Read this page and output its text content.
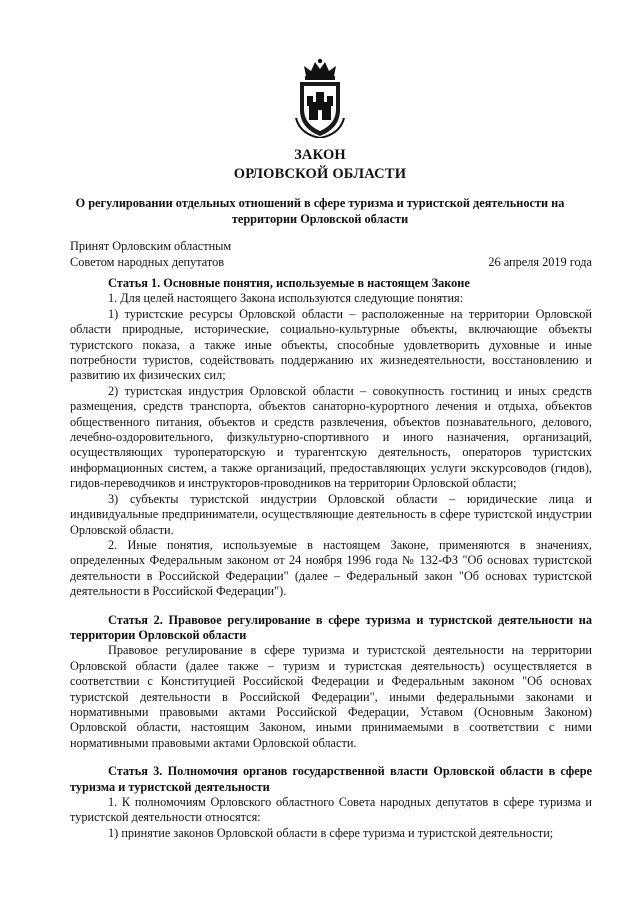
ЗАКОН
ОРЛОВСКОЙ ОБЛАСТИ
О регулировании отдельных отношений в сфере туризма и туристской деятельности на территории Орловской области
Принят Орловским областным
Советом народных депутатов	26 апреля 2019 года

Статья 1. Основные понятия, используемые в настоящем Законе

1. Для целей настоящего Закона используются следующие понятия:

1) туристские ресурсы Орловской области – расположенные на территории Орловской области природные, исторические, социально-культурные объекты, включающие объекты туристского показа, а также иные объекты, способные удовлетворить духовные и иные потребности туристов, содействовать поддержанию их жизнедеятельности, восстановлению и развитию их физических сил;

2) туристская индустрия Орловской области – совокупность гостиниц и иных средств размещения, средств транспорта, объектов санаторно-курортного лечения и отдыха, объектов общественного питания, объектов и средств развлечения, объектов познавательного, делового, лечебно-оздоровительного, физкультурно-спортивного и иного назначения, организаций, осуществляющих туроператорскую и турагентскую деятельность, операторов туристских информационных систем, а также организаций, предоставляющих услуги экскурсоводов (гидов), гидов-переводчиков и инструкторов-проводников на территории Орловской области;

3) субъекты туристской индустрии Орловской области – юридические лица и индивидуальные предприниматели, осуществляющие деятельность в сфере туристской индустрии Орловской области.

2. Иные понятия, используемые в настоящем Законе, применяются в значениях, определенных Федеральным законом от 24 ноября 1996 года № 132-ФЗ "Об основах туристской деятельности в Российской Федерации" (далее – Федеральный закон "Об основах туристской деятельности в Российской Федерации").

Статья 2. Правовое регулирование в сфере туризма и туристской деятельности на территории Орловской области

Правовое регулирование в сфере туризма и туристской деятельности на территории Орловской области (далее также – туризм и туристская деятельность) осуществляется в соответствии с Конституцией Российской Федерации и Федеральным законом "Об основах туристской деятельности в Российской Федерации", иными федеральными законами и нормативными правовыми актами Российской Федерации, Уставом (Основным Законом) Орловской области, настоящим Законом, иными принимаемыми в соответствии с ними нормативными правовыми актами Орловской области.

Статья 3. Полномочия органов государственной власти Орловской области в сфере туризма и туристской деятельности

1. К полномочиям Орловского областного Совета народных депутатов в сфере туризма и туристской деятельности относятся:

1) принятие законов Орловской области в сфере туризма и туристской деятельности;
